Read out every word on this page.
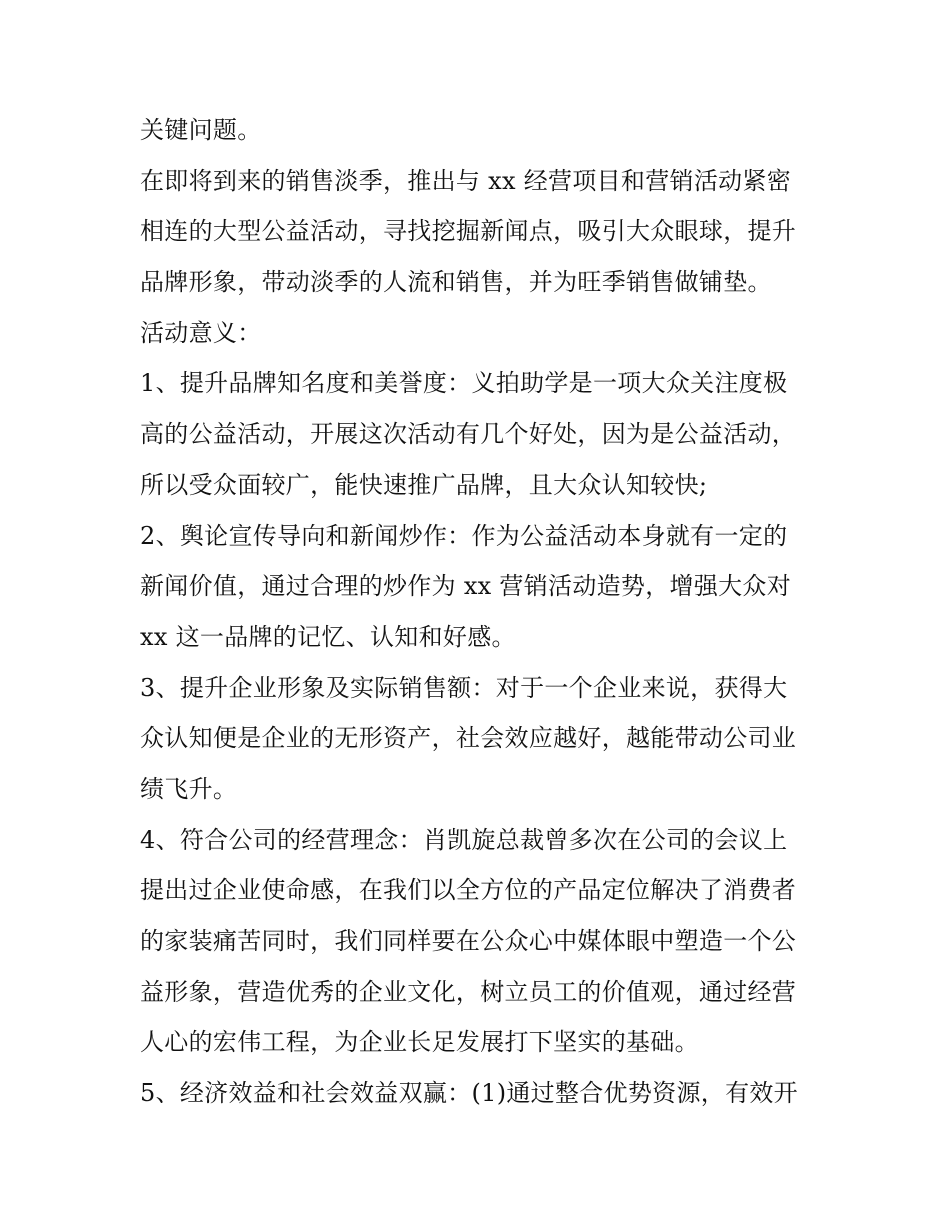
关键问题。
在即将到来的销售淡季，推出与 xx 经营项目和营销活动紧密
相连的大型公益活动，寻找挖掘新闻点，吸引大众眼球，提升
品牌形象，带动淡季的人流和销售，并为旺季销售做铺垫。
活动意义：
1、提升品牌知名度和美誉度：义拍助学是一项大众关注度极
高的公益活动，开展这次活动有几个好处，因为是公益活动，
所以受众面较广，能快速推广品牌，且大众认知较快;
2、舆论宣传导向和新闻炒作：作为公益活动本身就有一定的
新闻价值，通过合理的炒作为 xx 营销活动造势，增强大众对
xx 这一品牌的记忆、认知和好感。
3、提升企业形象及实际销售额：对于一个企业来说，获得大
众认知便是企业的无形资产，社会效应越好，越能带动公司业
绩飞升。
4、符合公司的经营理念：肖凯旋总裁曾多次在公司的会议上
提出过企业使命感，在我们以全方位的产品定位解决了消费者
的家装痛苦同时，我们同样要在公众心中媒体眼中塑造一个公
益形象，营造优秀的企业文化，树立员工的价值观，通过经营
人心的宏伟工程，为企业长足发展打下坚实的基础。
5、经济效益和社会效益双赢：(1)通过整合优势资源，有效开
